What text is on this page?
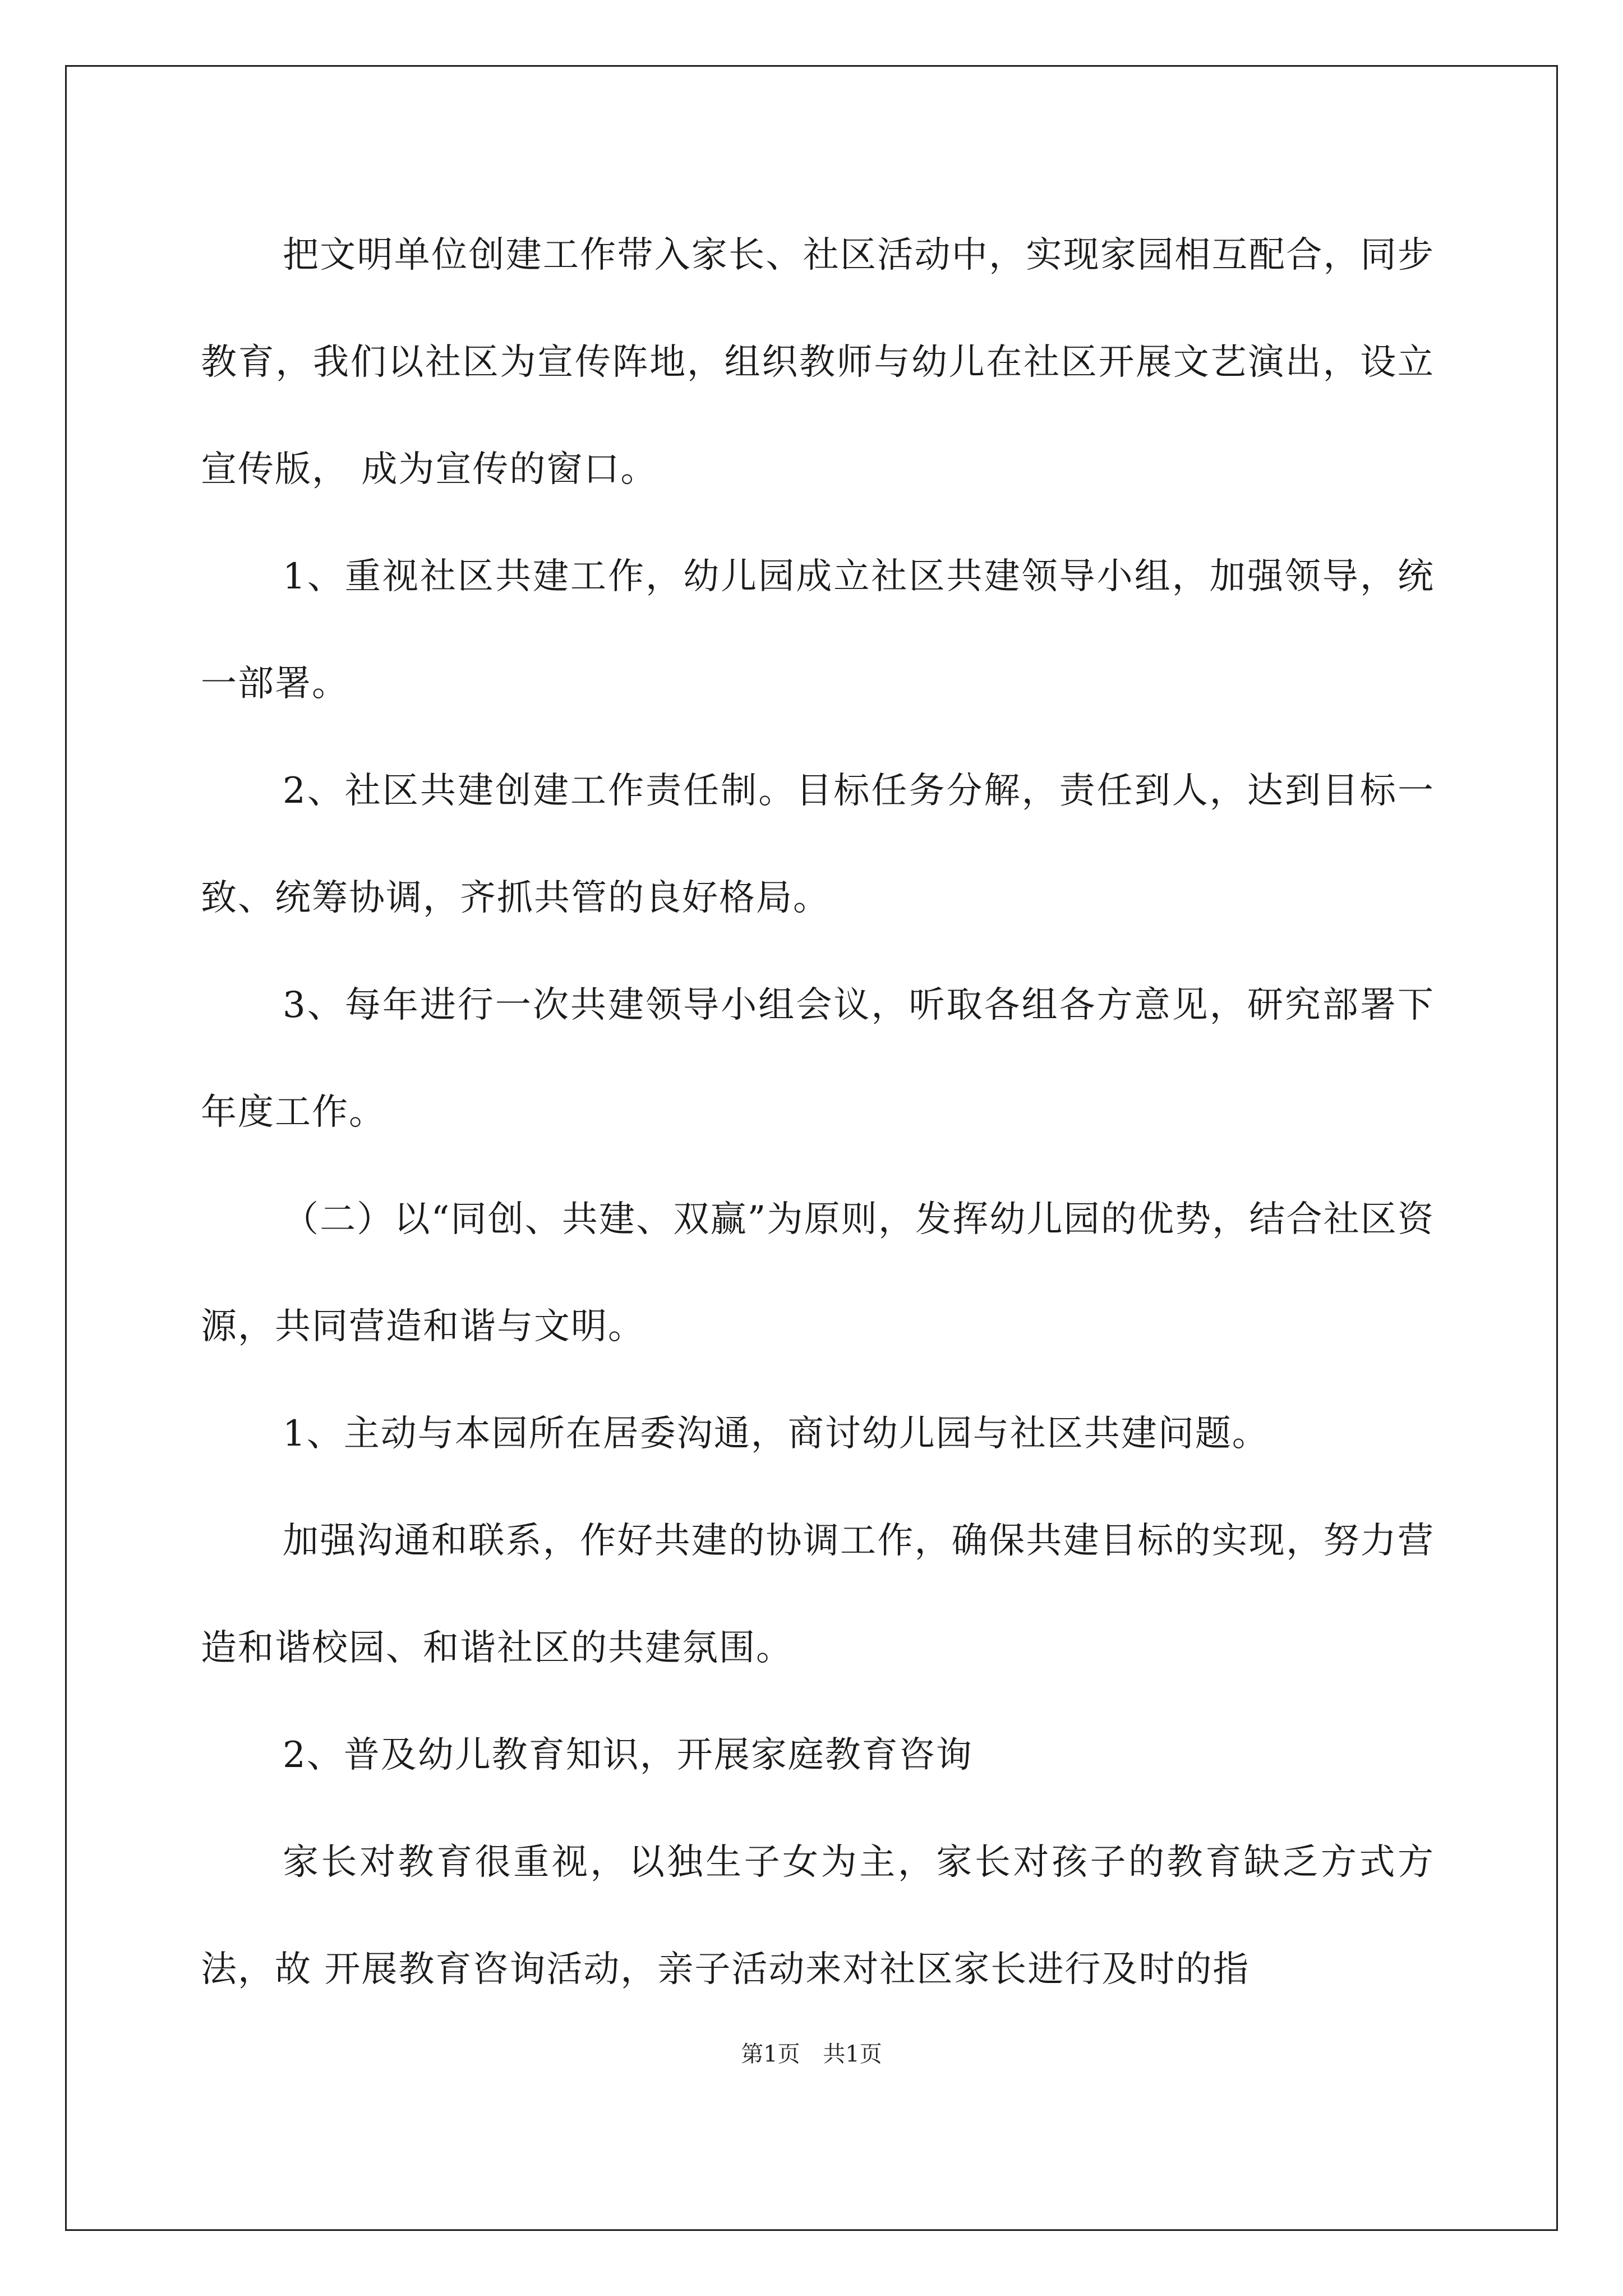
把文明单位创建工作带入家长、社区活动中，实现家园相互配合，同步教育，我们以社区为宣传阵地，组织教师与幼儿在社区开展文艺演出，设立宣传版， 成为宣传的窗口。

1、重视社区共建工作，幼儿园成立社区共建领导小组，加强领导，统一部署。

2、社区共建创建工作责任制。目标任务分解，责任到人，达到目标一致、统筹协调，齐抓共管的良好格局。

3、每年进行一次共建领导小组会议，听取各组各方意见，研究部署下年度工作。

（二）以“同创、共建、双赢”为原则，发挥幼儿园的优势，结合社区资源，共同营造和谐与文明。

1、主动与本园所在居委沟通，商讨幼儿园与社区共建问题。

加强沟通和联系，作好共建的协调工作，确保共建目标的实现，努力营造和谐校园、和谐社区的共建氛围。

2、普及幼儿教育知识，开展家庭教育咨询

家长对教育很重视，以独生子女为主，家长对孩子的教育缺乏方式方法，故 开展教育咨询活动，亲子活动来对社区家长进行及时的指

第1页 共1页
